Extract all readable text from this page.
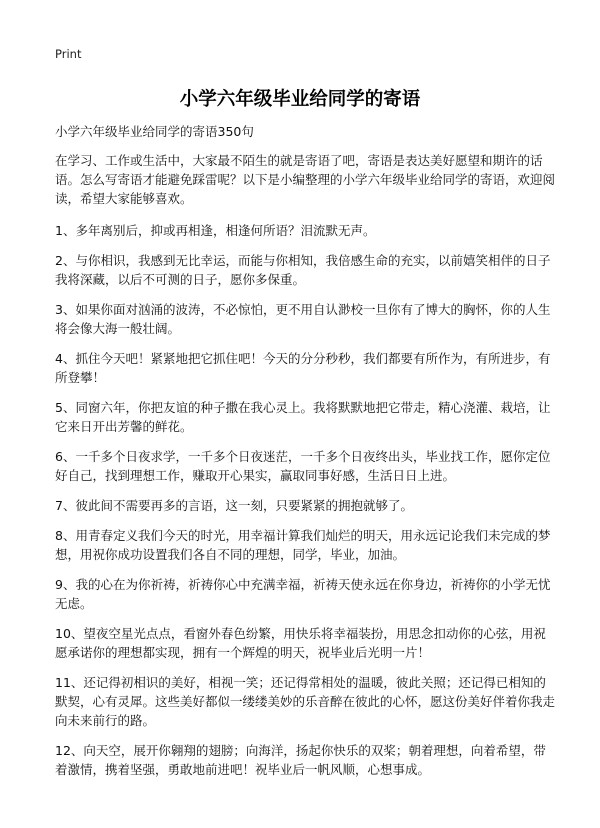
Print
小学六年级毕业给同学的寄语
小学六年级毕业给同学的寄语350句

在学习、工作或生活中，大家最不陌生的就是寄语了吧，寄语是表达美好愿望和期许的话语。怎么写寄语才能避免踩雷呢？以下是小编整理的小学六年级毕业给同学的寄语，欢迎阅读，希望大家能够喜欢。

1、多年离别后，抑或再相逢，相逢何所语？泪流默无声。

2、与你相识，我感到无比幸运，而能与你相知，我倍感生命的充实，以前嬉笑相伴的日子我将深藏，以后不可测的日子，愿你多保重。

3、如果你面对汹涌的波涛，不必惊怕，更不用自认渺校一旦你有了博大的胸怀，你的人生将会像大海一般壮阔。

4、抓住今天吧！紧紧地把它抓住吧！今天的分分秒秒，我们都要有所作为，有所进步，有所登攀！

5、同窗六年，你把友谊的种子撒在我心灵上。我将默默地把它带走，精心浇灌、栽培，让它来日开出芳馨的鲜花。

6、一千多个日夜求学，一千多个日夜迷茫，一千多个日夜终出头，毕业找工作，愿你定位好自己，找到理想工作，赚取开心果实，赢取同事好感，生活日日上进。

7、彼此间不需要再多的言语，这一刻，只要紧紧的拥抱就够了。

8、用青春定义我们今天的时光，用幸福计算我们灿烂的明天，用永远记论我们未完成的梦想，用祝你成功设置我们各自不同的理想，同学，毕业，加油。

9、我的心在为你祈祷，祈祷你心中充满幸福，祈祷天使永远在你身边，祈祷你的小学无忧无虑。

10、望夜空星光点点，看窗外春色纷繁，用快乐将幸福装扮，用思念扣动你的心弦，用祝愿承诺你的理想都实现，拥有一个辉煌的明天，祝毕业后光明一片！

11、还记得初相识的美好，相视一笑；还记得常相处的温暖，彼此关照；还记得已相知的默契，心有灵犀。这些美好都似一缕缕美妙的乐音醉在彼此的心怀，愿这份美好伴着你我走向未来前行的路。

12、向天空，展开你翱翔的翅膀；向海洋，扬起你快乐的双桨；朝着理想，向着希望，带着激情，携着坚强，勇敢地前进吧！祝毕业后一帆风顺，心想事成。
